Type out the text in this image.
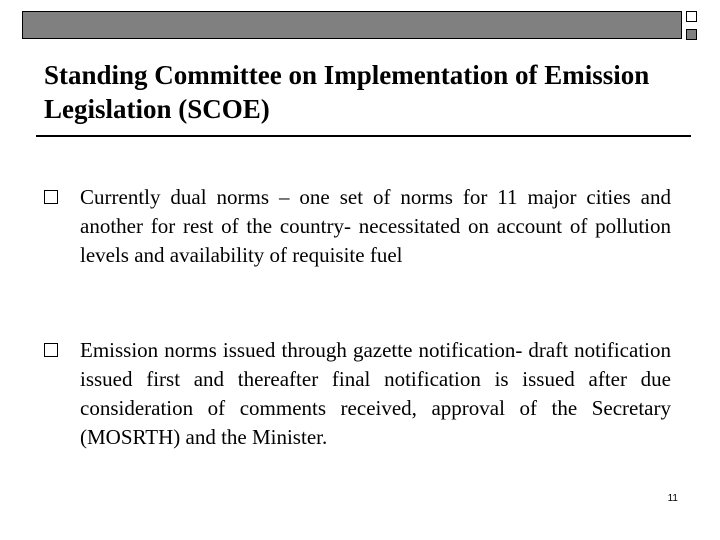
Standing Committee on Implementation of Emission Legislation (SCOE)
Currently dual norms – one set of norms for 11 major cities and another for rest of the country- necessitated on account of pollution levels and availability of requisite fuel
Emission norms issued through gazette notification- draft notification issued first and thereafter final notification is issued after due consideration of comments received, approval of the Secretary (MOSRTH) and the Minister.
11
